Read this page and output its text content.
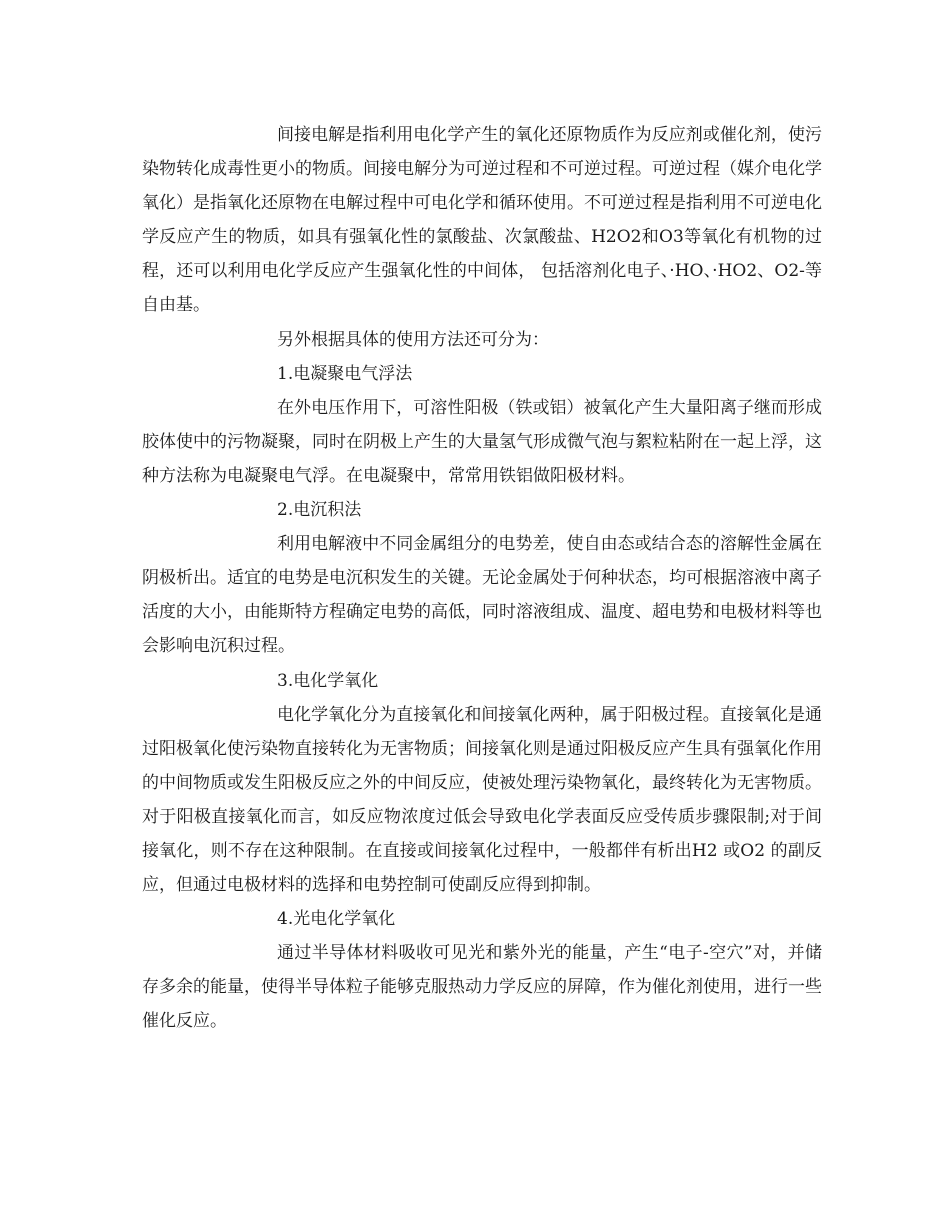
间接电解是指利用电化学产生的氧化还原物质作为反应剂或催化剂，使污染物转化成毒性更小的物质。间接电解分为可逆过程和不可逆过程。可逆过程（媒介电化学氧化）是指氧化还原物在电解过程中可电化学和循环使用。不可逆过程是指利用不可逆电化学反应产生的物质，如具有强氧化性的氯酸盐、次氯酸盐、H2O2和O3等氧化有机物的过程，还可以利用电化学反应产生强氧化性的中间体， 包括溶剂化电子、·HO、·HO2、O2-等自由基。

另外根据具体的使用方法还可分为：

1.电凝聚电气浮法

在外电压作用下，可溶性阳极（铁或铝）被氧化产生大量阳离子继而形成胶体使中的污物凝聚，同时在阴极上产生的大量氢气形成微气泡与絮粒粘附在一起上浮，这种方法称为电凝聚电气浮。在电凝聚中，常常用铁铝做阳极材料。

2.电沉积法

利用电解液中不同金属组分的电势差，使自由态或结合态的溶解性金属在阴极析出。适宜的电势是电沉积发生的关键。无论金属处于何种状态，均可根据溶液中离子活度的大小，由能斯特方程确定电势的高低，同时溶液组成、温度、超电势和电极材料等也会影响电沉积过程。

3.电化学氧化

电化学氧化分为直接氧化和间接氧化两种，属于阳极过程。直接氧化是通过阳极氧化使污染物直接转化为无害物质；间接氧化则是通过阳极反应产生具有强氧化作用的中间物质或发生阳极反应之外的中间反应，使被处理污染物氧化，最终转化为无害物质。对于阳极直接氧化而言，如反应物浓度过低会导致电化学表面反应受传质步骤限制;对于间接氧化，则不存在这种限制。在直接或间接氧化过程中，一般都伴有析出H2 或O2 的副反应，但通过电极材料的选择和电势控制可使副反应得到抑制。

4.光电化学氧化

通过半导体材料吸收可见光和紫外光的能量，产生“电子-空穴”对，并储存多余的能量，使得半导体粒子能够克服热动力学反应的屏障，作为催化剂使用，进行一些催化反应。
